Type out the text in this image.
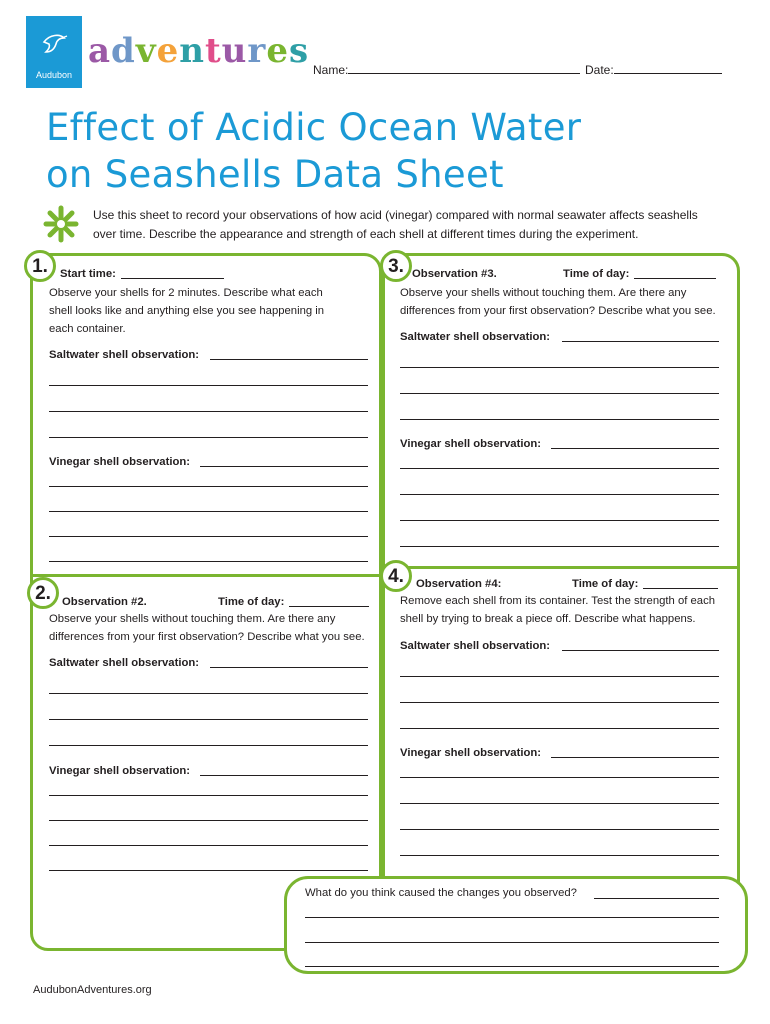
Audubon
adventures Name:	Date:
Effect of Acidic Ocean Water
on Seashells Data Sheet
Use this sheet to record your observations of how acid (vinegar) compared with normal seawater affects seashells
over time. Describe the appearance and strength of each shell at different times during the experiment.
1.	Start time:
Observe your shells for 2 minutes. Describe what each
shell looks like and anything else you see happening in
each container.
Saltwater shell observation:
Vinegar shell observation:
2. Observation #2.	Time of day:
Observe your shells without touching them. Are there any
differences from your first observation? Describe what you see.
Saltwater shell observation:
Vinegar shell observation:
3. Observation #3.	Time of day:
Observe your shells without touching them. Are there any
differences from your first observation? Describe what you see.
Saltwater shell observation:
Vinegar shell observation:
4.	Observation #4:	Time of day:
Remove each shell from its container. Test the strength of each
shell by trying to break a piece off. Describe what happens.
Saltwater shell observation:
Vinegar shell observation:
What do you think caused the changes you observed?
AudubonAdventures.org
